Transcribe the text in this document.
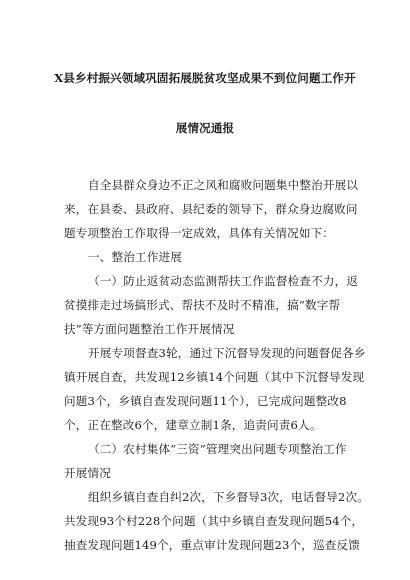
X县乡村振兴领域巩固拓展脱贫攻坚成果不到位问题工作开
展情况通报
自全县群众身边不正之风和腐败问题集中整治开展以
来，在县委、县政府、县纪委的领导下，群众身边腐败问
题专项整治工作取得一定成效，具体有关情况如下：
一、整治工作进展
（一）防止返贫动态监测帮扶工作监督检查不力，返
贫摸排走过场搞形式、帮扶不及时不精准，搞“数字帮
扶”等方面问题整治工作开展情况
开展专项督查3轮，通过下沉督导发现的问题督促各乡
镇开展自查，共发现12乡镇14个问题（其中下沉督导发现
问题3个，乡镇自查发现问题11个），已完成问题整改8
个，正在整改6个，建章立制1条，追责问责6人。
（二）农村集体“三资”管理突出问题专项整治工作
开展情况
组织乡镇自查自纠2次，下乡督导3次，电话督导2次。
共发现93个村228个问题（其中乡镇自查发现问题54个，
抽查发现问题149个，重点审计发现问题23个，巡查反馈
